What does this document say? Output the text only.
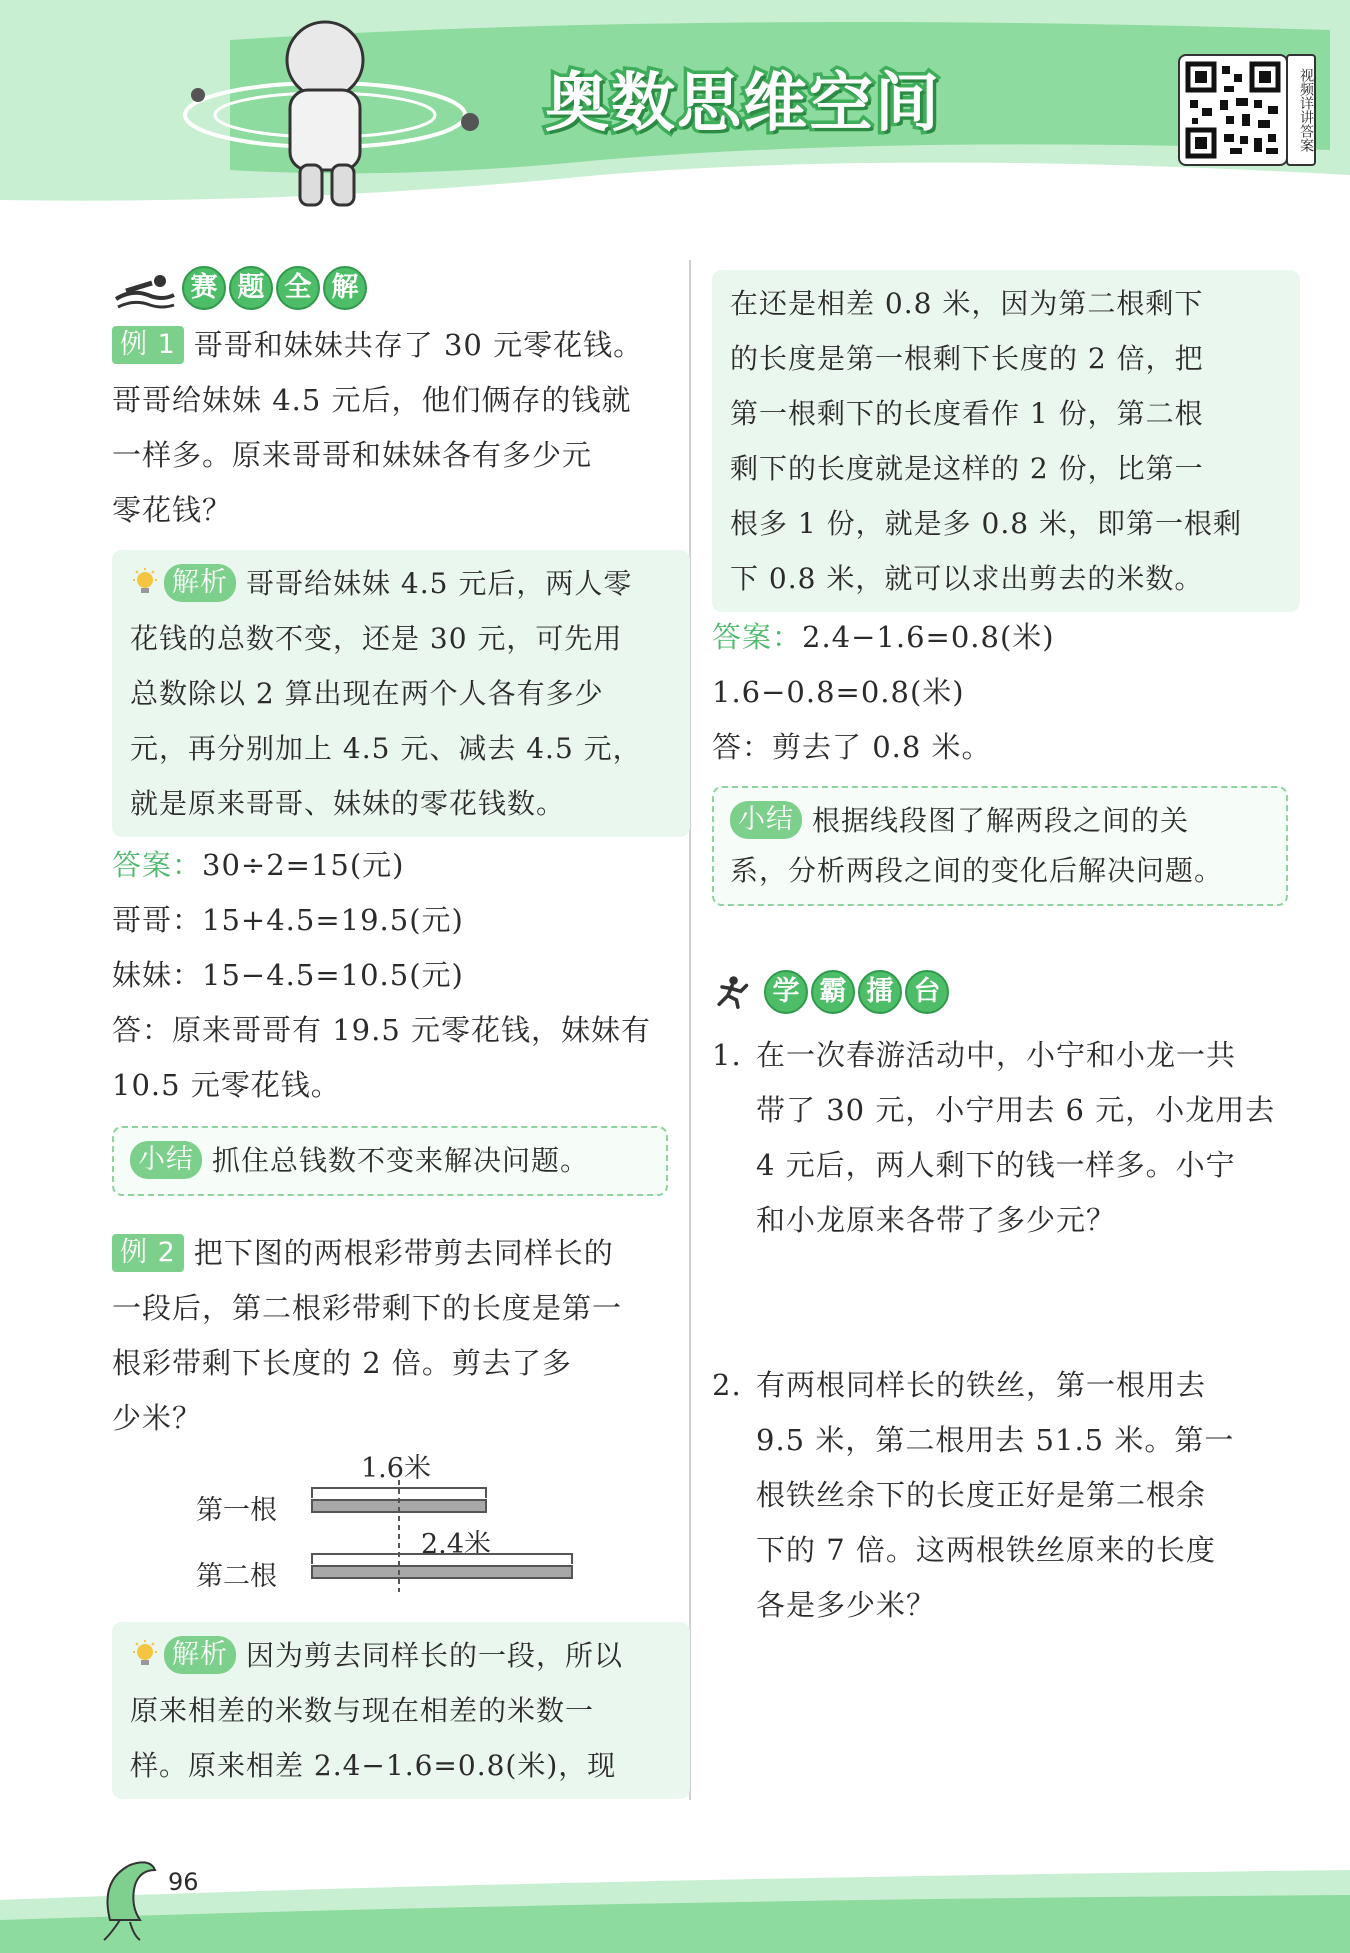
奥数思维空间	视频详讲答案
赛 题 全 解

例 1 哥哥和妹妹共存了 30 元零花钱。

哥哥给妹妹 4.5 元后，他们俩存的钱就

一样多。原来哥哥和妹妹各有多少元

零花钱？

解析 哥哥给妹妹 4.5 元后，两人零
花钱的总数不变，还是 30 元，可先用
总数除以 2 算出现在两个人各有多少
元，再分别加上 4.5 元、减去 4.5 元，
就是原来哥哥、妹妹的零花钱数。

答案：30÷2=15(元)

哥哥：15+4.5=19.5(元)

妹妹：15−4.5=10.5(元)

答：原来哥哥有 19.5 元零花钱，妹妹有

10.5 元零花钱。

小结 抓住总钱数不变来解决问题。

例 2 把下图的两根彩带剪去同样长的

一段后，第二根彩带剩下的长度是第一

根彩带剩下长度的 2 倍。剪去了多

少米？

1.6米
第一根
2.4米
第二根
解析 因为剪去同样长的一段，所以
原来相差的米数与现在相差的米数一
样。原来相差 2.4−1.6=0.8(米)，现
在还是相差 0.8 米，因为第二根剩下
的长度是第一根剩下长度的 2 倍，把
第一根剩下的长度看作 1 份，第二根
剩下的长度就是这样的 2 份，比第一
根多 1 份，就是多 0.8 米，即第一根剩
下 0.8 米，就可以求出剪去的米数。

答案：2.4−1.6=0.8(米)

1.6−0.8=0.8(米)

答：剪去了 0.8 米。

小结 根据线段图了解两段之间的关
系，分析两段之间的变化后解决问题。
学 霸 擂 台

1. 在一次春游活动中，小宁和小龙一共

带了 30 元，小宁用去 6 元，小龙用去

4 元后，两人剩下的钱一样多。小宁

和小龙原来各带了多少元？

2. 有两根同样长的铁丝，第一根用去

9.5 米，第二根用去 51.5 米。第一

根铁丝余下的长度正好是第二根余

下的 7 倍。这两根铁丝原来的长度

各是多少米？

96
